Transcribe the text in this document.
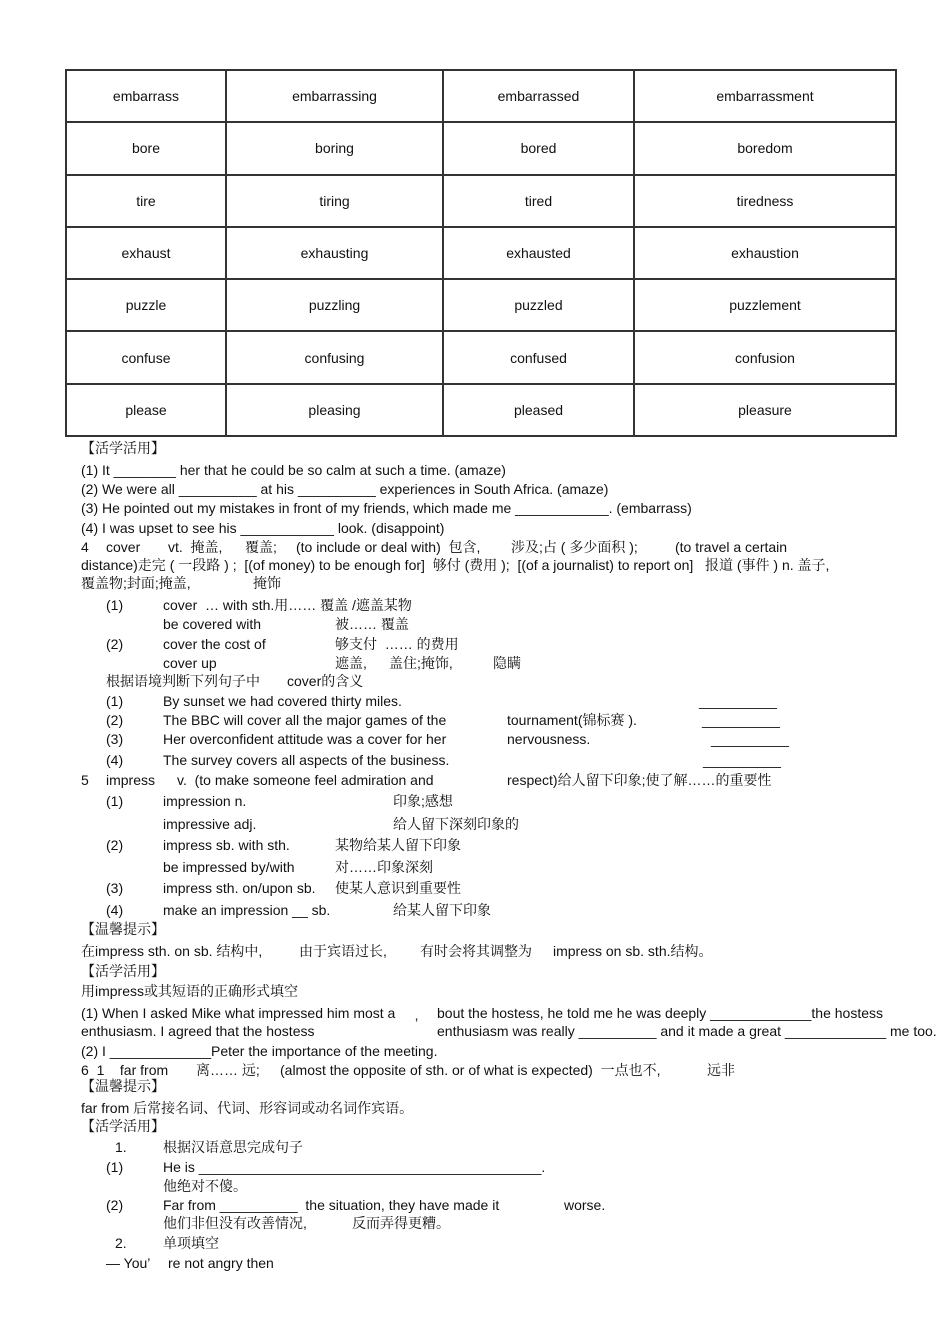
embarrass	embarrassing	embarrassed	embarrassment
bore	boring	bored	boredom
tire	tiring	tired	tiredness
exhaust	exhausting	exhausted	exhaustion
puzzle	puzzling	puzzled	puzzlement
confuse	confusing	confused	confusion
please	pleasing	pleased	pleasure
【活学活用】
(1) It ________ her that he could be so calm at such a time. (amaze)
(2) We were all __________ at his __________ experiences in South Africa. (amaze)
(3) He pointed out my mistakes in front of my friends, which made me ____________. (embarrass)
(4) I was upset to see his ____________ look. (disappoint)
4 cover vt.  掩盖, 覆盖; (to include or deal with)  包含, 涉及;占 ( 多少面积 );	(to travel a certain
distance)走完 ( 一段路 ) ;  [(of money) to be enough for]  够付 (费用 );  [(of a journalist) to report on]   报道 (事件 ) n. 盖子,
覆盖物;封面;掩盖,	掩饰
(1)	cover  … with sth.用…… 覆盖 /遮盖某物
be covered with	被…… 覆盖
(2)	cover the cost of	够支付  …… 的费用
cover up	遮盖, 盖住;掩饰,	隐瞒
根据语境判断下列句子中 cover的含义
(1)	By sunset we had covered thirty miles.	__________
(2)	The BBC will cover all the major games of the	tournament(锦标赛 ).	__________
(3)	Her overconfident attitude was a cover for her	nervousness.	__________
(4)	The survey covers all aspects of the business.	__________
5 impress v.  (to make someone feel admiration and	respect)给人留下印象;使了解……的重要性
(1)	impression n.	印象;感想
impressive adj.	给人留下深刻印象的
(2)	impress sb. with sth.	某物给某人留下印象
be impressed by/with	对……印象深刻
(3)	impress sth. on/upon sb. 使某人意识到重要性
(4)	make an impression __ sb.	给某人留下印象
【温馨提示】
在impress sth. on sb. 结构中,	由于宾语过长, 有时会将其调整为 impress on sb. sth.结构。
【活学活用】
用impress或其短语的正确形式填空
(1) When I asked Mike what impressed him most a	bout the hostess, he told me he was deeply _____________the hostess
enthusiasm. I agreed that the hostess	’ enthusiasm was really __________ and it made a great _____________ me too.
(2) I _____________Peter the importance of the meeting.
6  1    far from 离…… 远; (almost the opposite of sth. or of what is expected)  一点也不,	远非
【温馨提示】
far from 后常接名词、代词、形容词或动名词作宾语。
【活学活用】
1.	根据汉语意思完成句子
(1)	He is ____________________________________________.
他绝对不傻。
(2)	Far from __________  the situation, they have made it	worse.
他们非但没有改善情况,	反而弄得更糟。
2.	单项填空
— You’ re not angry then
